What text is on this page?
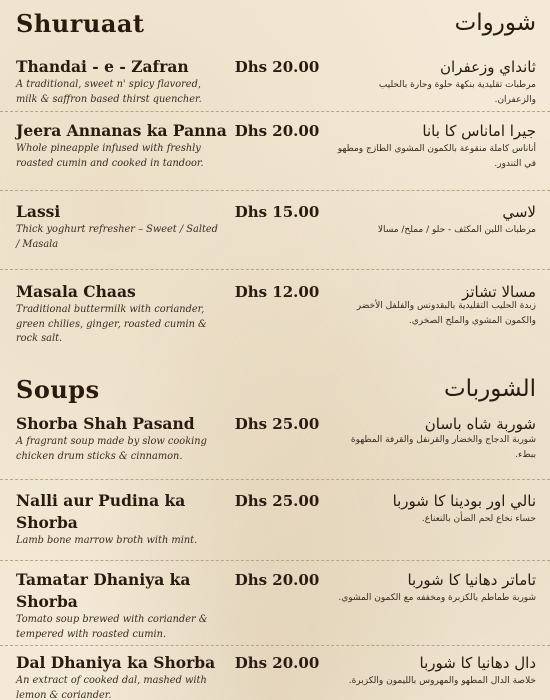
Shuruaat	شوروات
Thandai - e - Zafran
A traditional, sweet n' spicy flavored, milk & saffron based thirst quencher.
Dhs 20.00	ثانداي وزعفران
مرطبات تقليدية بنكهة حلوة وحارة بالحليب والزعفران.
Jeera Annanas ka Panna
Whole pineapple infused with freshly roasted cumin and cooked in tandoor.
Dhs 20.00	جيرا اماناس كا بانا
أناناس كاملة منقوعة بالكمون المشوي الطازج ومطهو في التندور.
Lassi
Thick yoghurt refresher – Sweet / Salted / Masala
Dhs 15.00	لاسي
مرطبات اللبن المكثف - حلو / مملح/ مسالا
Masala Chaas
Traditional buttermilk with coriander, green chilies, ginger, roasted cumin & rock salt.
Dhs 12.00	مسالا تشاتز
زبدة الحليب التقليدية بالبقدونس والفلفل الأخضر والكمون المشوي والملح الصخري.
Soups	الشوربات
Shorba Shah Pasand
A fragrant soup made by slow cooking chicken drum sticks & cinnamon.
Dhs 25.00	شوربة شاه باسان
شوربة الدجاج والخضار والقرنفل والقرفة المطهوة ببطء.
Nalli aur Pudina ka Shorba
Lamb bone marrow broth with mint.
Dhs 25.00	نالي اور بودينا كا شوربا
حساء نخاع لحم الضأن بالنعناع.
Tamatar Dhaniya ka Shorba
Tomato soup brewed with coriander & tempered with roasted cumin.
Dhs 20.00	تاماتر دهانيا كا شوربا
شوربة طماطم بالكزبرة ومخففه مع الكمون المشوي.
Dal Dhaniya ka Shorba
An extract of cooked dal, mashed with lemon & coriander.
Dhs 20.00	دال دهانيا كا شوربا
خلاصة الدال المطهو والمهروس بالليمون والكزبرة.
